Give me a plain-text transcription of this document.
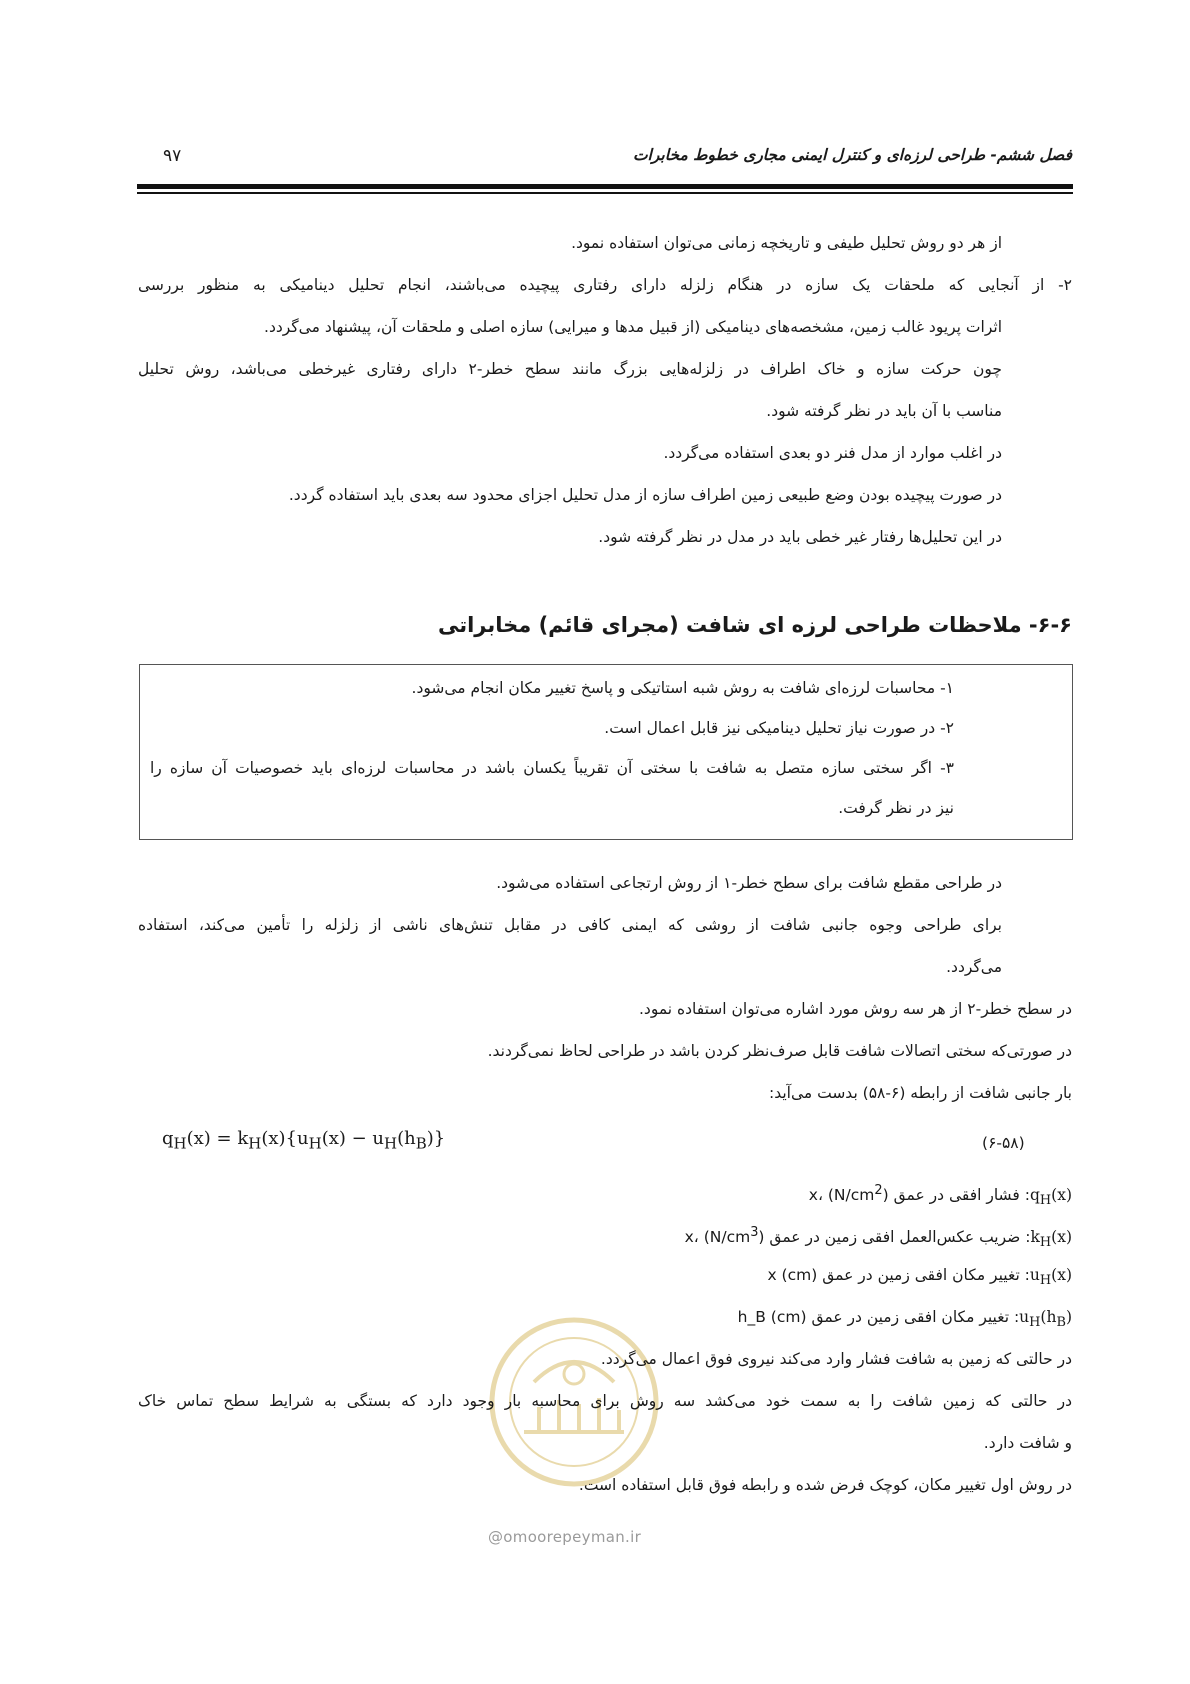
فصل ششم- طراحی لرزه‌ای و کنترل ایمنی مجاری خطوط مخابرات
۹۷
از هر دو روش تحلیل طیفی و تاریخچه زمانی می‌توان استفاده نمود.
۲- از آنجایی که ملحقات یک سازه در هنگام زلزله دارای رفتاری پیچیده می‌باشند، انجام تحلیل دینامیکی به منظور بررسی
اثرات پریود غالب زمین، مشخصه‌های دینامیکی (از قبیل مدها و میرایی) سازه اصلی و ملحقات آن، پیشنهاد می‌گردد.
چون حرکت سازه و خاک اطراف در زلزله‌هایی بزرگ مانند سطح خطر-۲ دارای رفتاری غیرخطی می‌باشد، روش تحلیل
مناسب با آن باید در نظر گرفته شود.
در اغلب موارد از مدل فنر دو بعدی استفاده می‌گردد.
در صورت پیچیده بودن وضع طبیعی زمین اطراف سازه از مدل تحلیل اجزای محدود سه بعدی باید استفاده گردد.
در این تحلیل‌ها رفتار غیر خطی باید در مدل در نظر گرفته شود.
۶-۶- ملاحظات طراحی لرزه ای شافت (مجرای قائم) مخابراتی
۱- محاسبات لرزه‌ای شافت به روش شبه استاتیکی و پاسخ تغییر مکان انجام می‌شود.
۲- در صورت نیاز تحلیل دینامیکی نیز قابل اعمال است.
۳- اگر سختی سازه متصل به شافت با سختی آن تقریباً یکسان باشد در محاسبات لرزه‌ای باید خصوصیات آن سازه را
نیز در نظر گرفت.
در طراحی مقطع شافت برای سطح خطر-۱ از روش ارتجاعی استفاده می‌شود.
برای طراحی وجوه جانبی شافت از روشی که ایمنی کافی در مقابل تنش‌های ناشی از زلزله را تأمین می‌کند، استفاده
می‌گردد.
در سطح خطر-۲ از هر سه روش مورد اشاره می‌توان استفاده نمود.
در صورتی‌که سختی اتصالات شافت قابل صرف‌نظر کردن باشد در طراحی لحاظ نمی‌گردند.
بار جانبی شافت از رابطه (۶-۵۸) بدست می‌آید:
$q_H(x) = k_H(x)\{u_H(x) - u_H(h_B)\}$	(۶-۵۸)
$q_H(x)$: فشار افقی در عمق x، $(N/cm^2)$
$k_H(x)$: ضریب عکس‌العمل افقی زمین در عمق x، $(N/cm^3)$
$u_H(x)$: تغییر مکان افقی زمین در عمق x (cm)
$u_H(h_B)$: تغییر مکان افقی زمین در عمق h_B (cm)
در حالتی که زمین به شافت فشار وارد می‌کند نیروی فوق اعمال می‌گردد.
در حالتی که زمین شافت را به سمت خود می‌کشد سه روش برای محاسبه بار وجود دارد که بستگی به شرایط سطح تماس خاک
و شافت دارد.
در روش اول تغییر مکان، کوچک فرض شده و رابطه فوق قابل استفاده است.
@omoorepeyman.ir
